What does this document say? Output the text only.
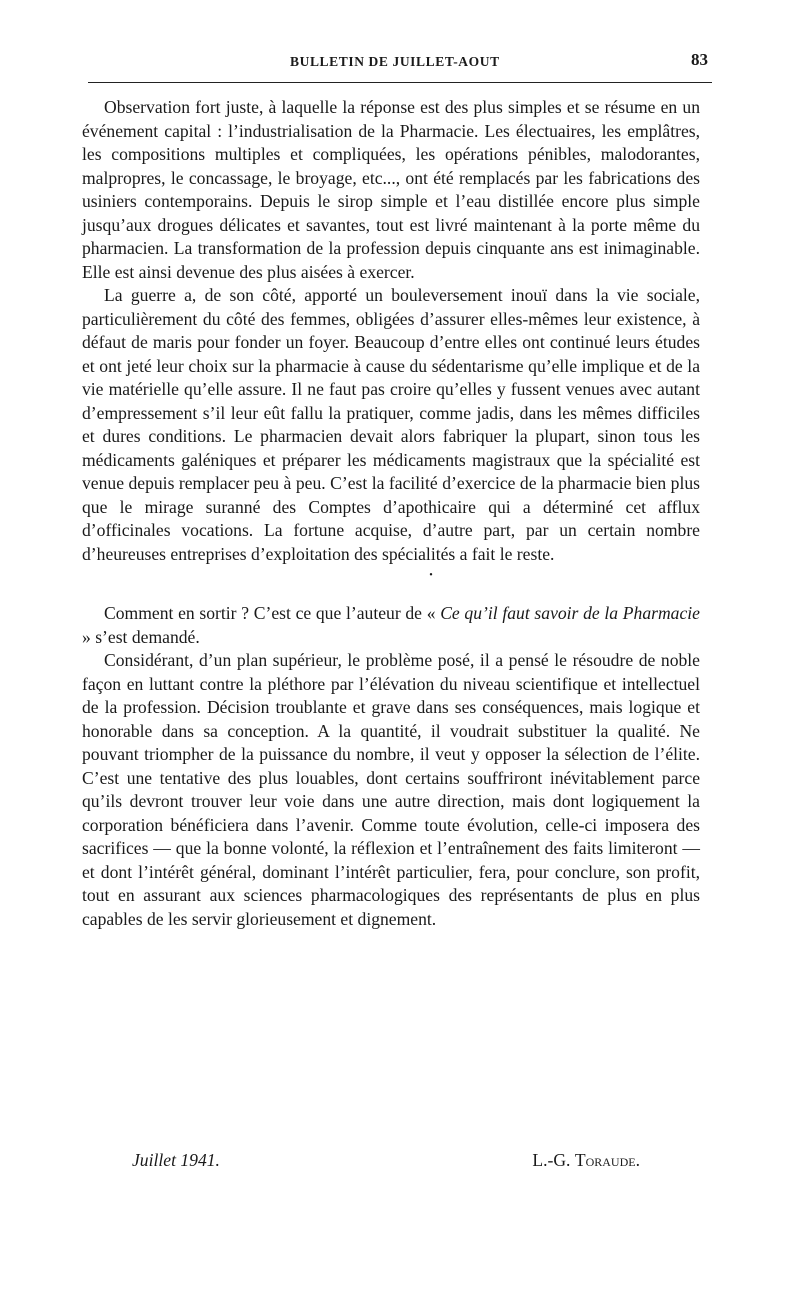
BULLETIN DE JUILLET-AOUT	83

Observation fort juste, à laquelle la réponse est des plus simples et se résume en un événement capital : l’industrialisation de la Pharmacie. Les électuaires, les emplâtres, les compositions multiples et compliquées, les opérations pénibles, malodorantes, malpropres, le concassage, le broyage, etc..., ont été remplacés par les fabrications des usiniers contemporains. Depuis le sirop simple et l’eau distillée encore plus simple jusqu’aux drogues délicates et savantes, tout est livré maintenant à la porte même du pharmacien. La transformation de la profession depuis cinquante ans est inimaginable. Elle est ainsi devenue des plus aisées à exercer.

La guerre a, de son côté, apporté un bouleversement inouï dans la vie sociale, particulièrement du côté des femmes, obligées d’assurer elles-mêmes leur existence, à défaut de maris pour fonder un foyer. Beaucoup d’entre elles ont continué leurs études et ont jeté leur choix sur la pharmacie à cause du sédentarisme qu’elle implique et de la vie matérielle qu’elle assure. Il ne faut pas croire qu’elles y fussent venues avec autant d’empressement s’il leur eût fallu la pratiquer, comme jadis, dans les mêmes difficiles et dures conditions. Le pharmacien devait alors fabriquer la plupart, sinon tous les médicaments galéniques et préparer les médicaments magistraux que la spécialité est venue depuis remplacer peu à peu. C’est la facilité d’exercice de la pharmacie bien plus que le mirage suranné des Comptes d’apothicaire qui a déterminé cet afflux d’officinales vocations. La fortune acquise, d’autre part, par un certain nombre d’heureuses entreprises d’exploitation des spécialités a fait le reste.

•

Comment en sortir ? C’est ce que l’auteur de « Ce qu’il faut savoir de la Pharmacie » s’est demandé.

Considérant, d’un plan supérieur, le problème posé, il a pensé le résoudre de noble façon en luttant contre la pléthore par l’élévation du niveau scientifique et intellectuel de la profession. Décision troublante et grave dans ses conséquences, mais logique et honorable dans sa conception. A la quantité, il voudrait substituer la qualité. Ne pouvant triompher de la puissance du nombre, il veut y opposer la sélection de l’élite. C’est une tentative des plus louables, dont certains souffriront inévitablement parce qu’ils devront trouver leur voie dans une autre direction, mais dont logiquement la corporation bénéficiera dans l’avenir. Comme toute évolution, celle-ci imposera des sacrifices — que la bonne volonté, la réflexion et l’entraînement des faits limiteront — et dont l’intérêt général, dominant l’intérêt particulier, fera, pour conclure, son profit, tout en assurant aux sciences pharmacologiques des représentants de plus en plus capables de les servir glorieusement et dignement.

Juillet 1941.	L.-G. Toraude.
